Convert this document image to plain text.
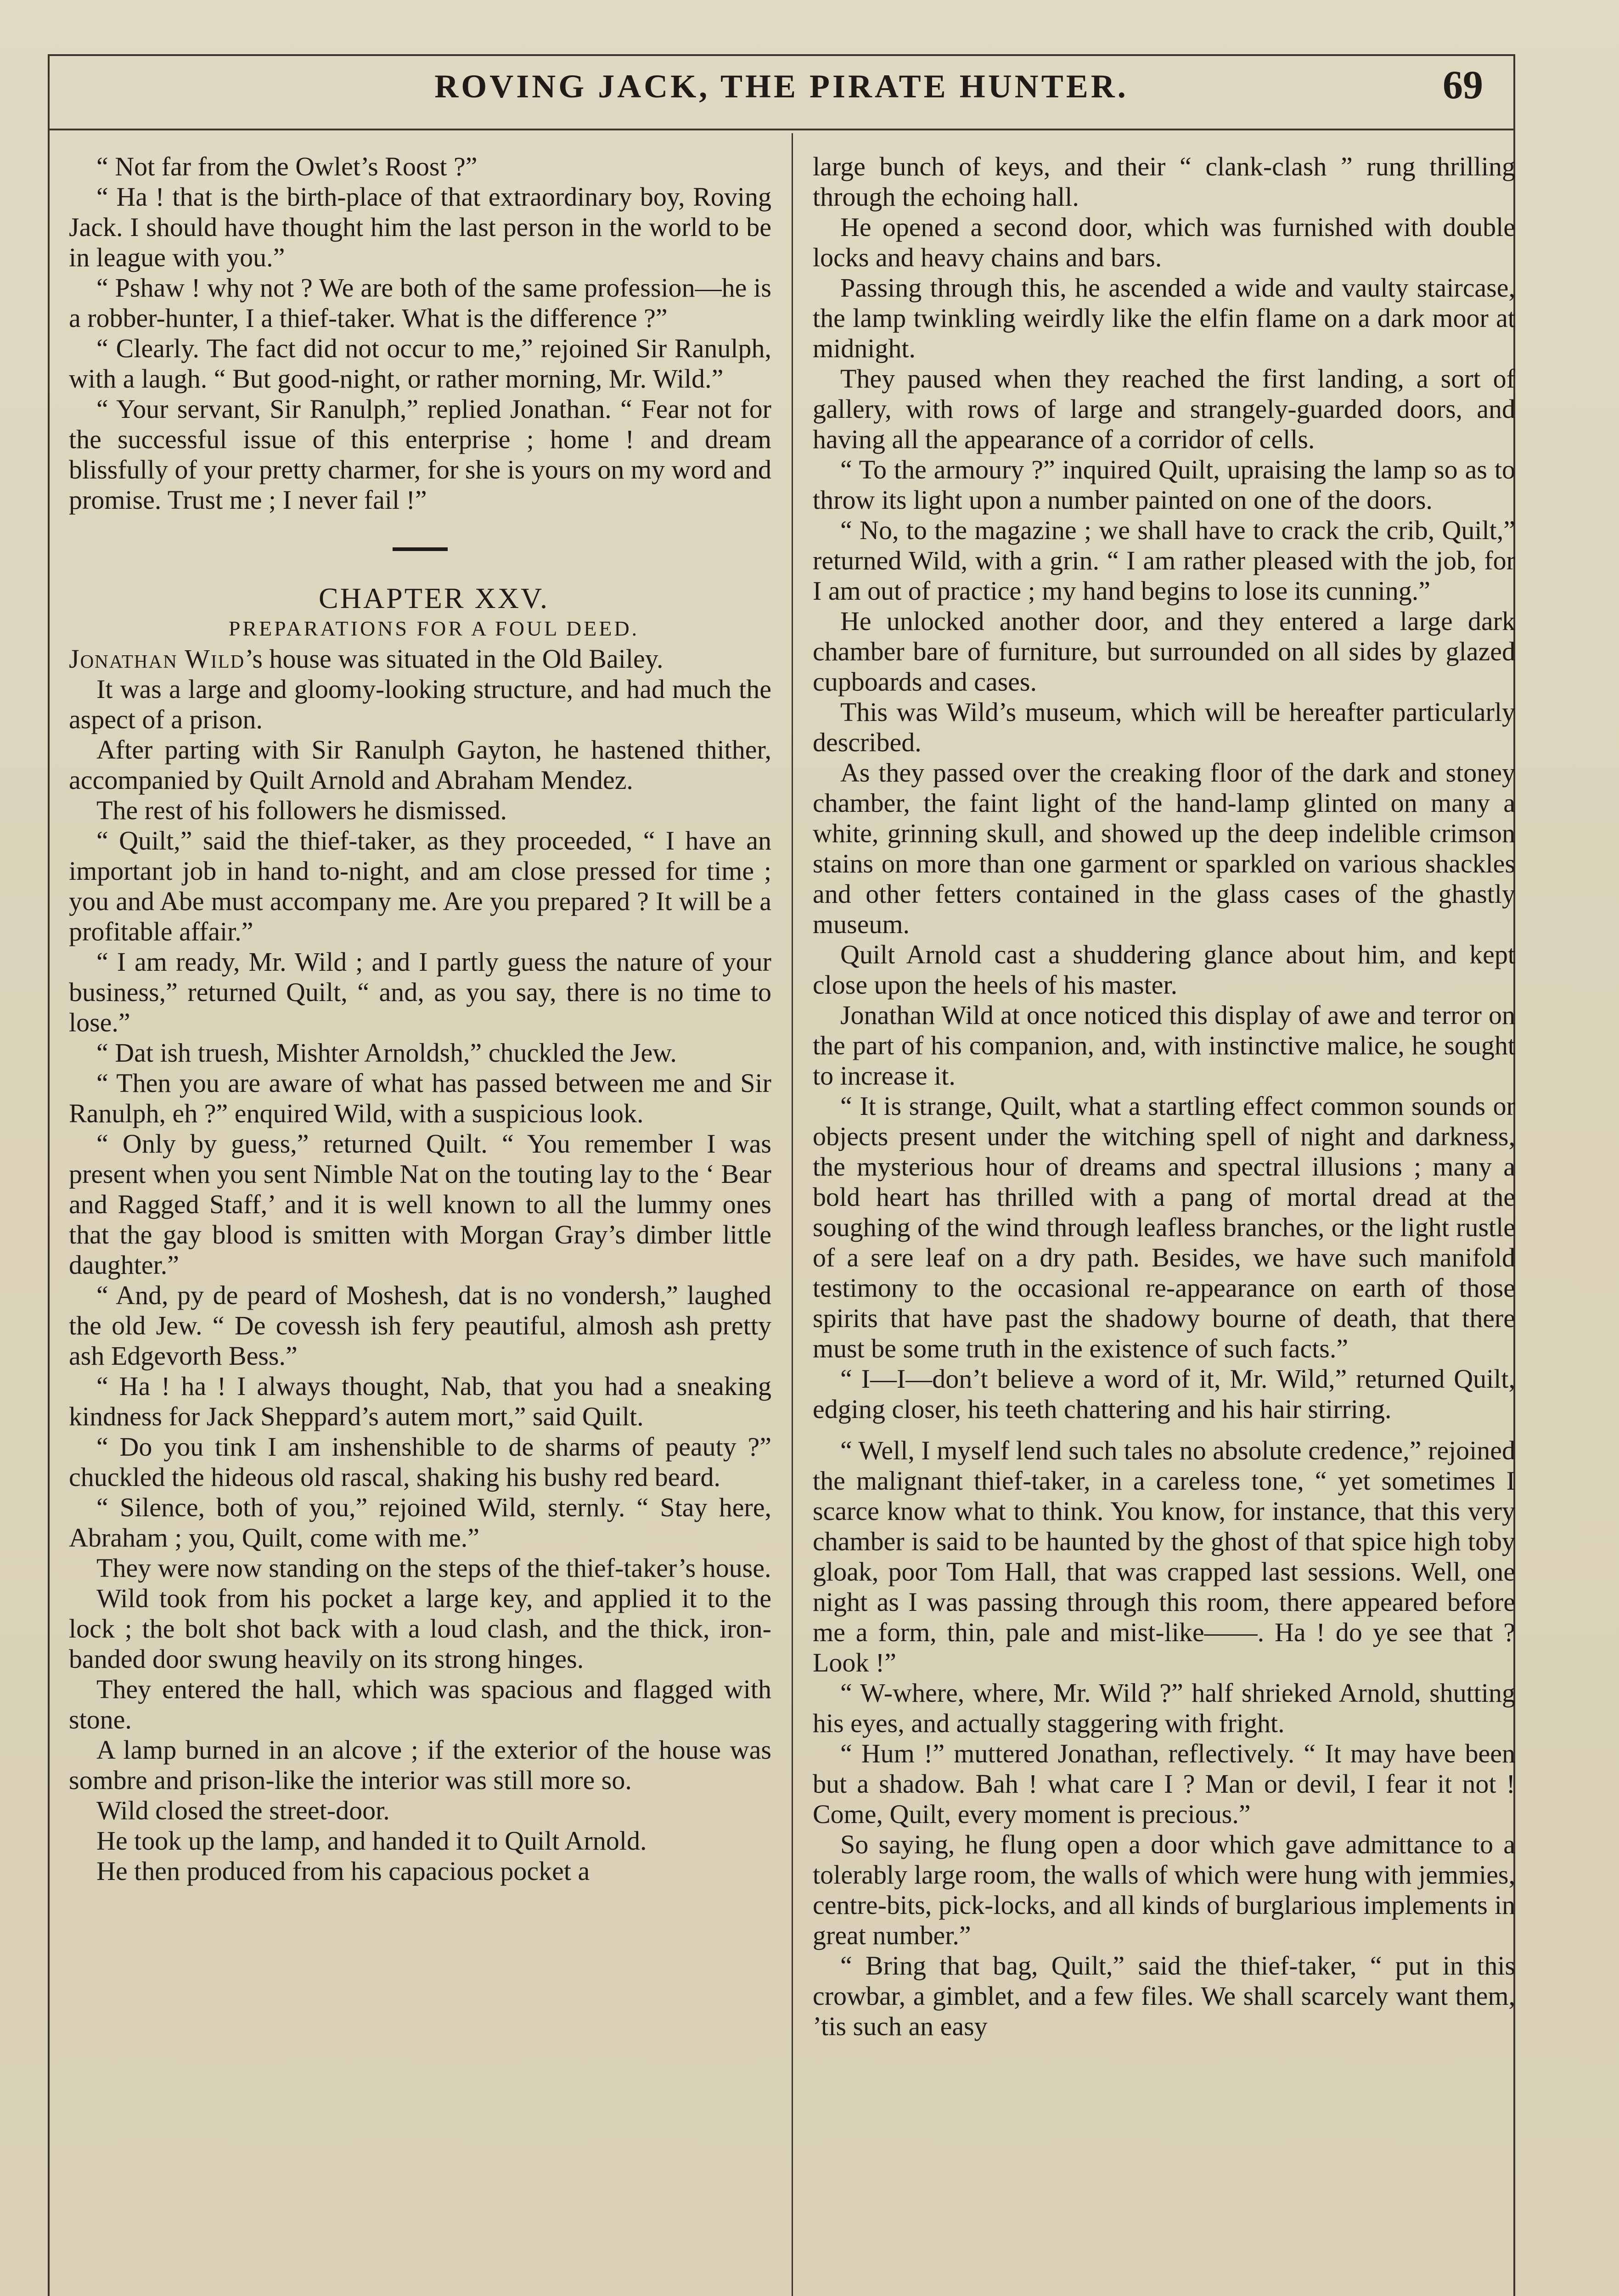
ROVING JACK, THE PIRATE HUNTER.	69

“ Not far from the Owlet’s Roost ?”

“ Ha ! that is the birth-place of that extraordinary boy, Roving Jack. I should have thought him the last person in the world to be in league with you.”

“ Pshaw ! why not ? We are both of the same profession—he is a robber-hunter, I a thief-taker. What is the difference ?”

“ Clearly. The fact did not occur to me,” rejoined Sir Ranulph, with a laugh. “ But good-night, or rather morning, Mr. Wild.”

“ Your servant, Sir Ranulph,” replied Jonathan. “ Fear not for the successful issue of this enterprise ; home ! and dream blissfully of your pretty charmer, for she is yours on my word and promise. Trust me ; I never fail !”

CHAPTER XXV.

PREPARATIONS FOR A FOUL DEED.

Jonathan Wild’s house was situated in the Old Bailey.

It was a large and gloomy-looking structure, and had much the aspect of a prison.

After parting with Sir Ranulph Gayton, he hastened thither, accompanied by Quilt Arnold and Abraham Mendez.

The rest of his followers he dismissed.

“ Quilt,” said the thief-taker, as they proceeded, “ I have an important job in hand to-night, and am close pressed for time ; you and Abe must accompany me. Are you prepared ? It will be a profitable affair.”

“ I am ready, Mr. Wild ; and I partly guess the nature of your business,” returned Quilt, “ and, as you say, there is no time to lose.”

“ Dat ish truesh, Mishter Arnoldsh,” chuckled the Jew.

“ Then you are aware of what has passed between me and Sir Ranulph, eh ?” enquired Wild, with a suspicious look.

“ Only by guess,” returned Quilt. “ You remember I was present when you sent Nimble Nat on the touting lay to the ‘ Bear and Ragged Staff,’ and it is well known to all the lummy ones that the gay blood is smitten with Morgan Gray’s dimber little daughter.”

“ And, py de peard of Moshesh, dat is no vondersh,” laughed the old Jew. “ De covessh ish fery peautiful, almosh ash pretty ash Edgevorth Bess.”

“ Ha ! ha ! I always thought, Nab, that you had a sneaking kindness for Jack Sheppard’s autem mort,” said Quilt.

“ Do you tink I am inshenshible to de sharms of peauty ?” chuckled the hideous old rascal, shaking his bushy red beard.

“ Silence, both of you,” rejoined Wild, sternly. “ Stay here, Abraham ; you, Quilt, come with me.”

They were now standing on the steps of the thief-taker’s house.

Wild took from his pocket a large key, and applied it to the lock ; the bolt shot back with a loud clash, and the thick, iron-banded door swung heavily on its strong hinges.

They entered the hall, which was spacious and flagged with stone.

A lamp burned in an alcove ; if the exterior of the house was sombre and prison-like the interior was still more so.

Wild closed the street-door.

He took up the lamp, and handed it to Quilt Arnold.

He then produced from his capacious pocket a

large bunch of keys, and their “ clank-clash ” rung thrilling through the echoing hall.

He opened a second door, which was furnished with double locks and heavy chains and bars.

Passing through this, he ascended a wide and vaulty staircase, the lamp twinkling weirdly like the elfin flame on a dark moor at midnight.

They paused when they reached the first landing, a sort of gallery, with rows of large and strangely-guarded doors, and having all the appearance of a corridor of cells.

“ To the armoury ?” inquired Quilt, upraising the lamp so as to throw its light upon a number painted on one of the doors.

“ No, to the magazine ; we shall have to crack the crib, Quilt,” returned Wild, with a grin. “ I am rather pleased with the job, for I am out of practice ; my hand begins to lose its cunning.”

He unlocked another door, and they entered a large dark chamber bare of furniture, but surrounded on all sides by glazed cupboards and cases.

This was Wild’s museum, which will be hereafter particularly described.

As they passed over the creaking floor of the dark and stoney chamber, the faint light of the hand-lamp glinted on many a white, grinning skull, and showed up the deep indelible crimson stains on more than one garment or sparkled on various shackles and other fetters contained in the glass cases of the ghastly museum.

Quilt Arnold cast a shuddering glance about him, and kept close upon the heels of his master.

Jonathan Wild at once noticed this display of awe and terror on the part of his companion, and, with instinctive malice, he sought to increase it.

“ It is strange, Quilt, what a startling effect common sounds or objects present under the witching spell of night and darkness, the mysterious hour of dreams and spectral illusions ; many a bold heart has thrilled with a pang of mortal dread at the soughing of the wind through leafless branches, or the light rustle of a sere leaf on a dry path. Besides, we have such manifold testimony to the occasional re-appearance on earth of those spirits that have past the shadowy bourne of death, that there must be some truth in the existence of such facts.”

“ I—I—don’t believe a word of it, Mr. Wild,” returned Quilt, edging closer, his teeth chattering and his hair stirring.

“ Well, I myself lend such tales no absolute credence,” rejoined the malignant thief-taker, in a careless tone, “ yet sometimes I scarce know what to think. You know, for instance, that this very chamber is said to be haunted by the ghost of that spice high toby gloak, poor Tom Hall, that was crapped last sessions. Well, one night as I was passing through this room, there appeared before me a form, thin, pale and mist-like——. Ha ! do ye see that ? Look !”

“ W-where, where, Mr. Wild ?” half shrieked Arnold, shutting his eyes, and actually staggering with fright.

“ Hum !” muttered Jonathan, reflectively. “ It may have been but a shadow. Bah ! what care I ? Man or devil, I fear it not ! Come, Quilt, every moment is precious.”

So saying, he flung open a door which gave admittance to a tolerably large room, the walls of which were hung with jemmies, centre-bits, pick-locks, and all kinds of burglarious implements in great number.”

“ Bring that bag, Quilt,” said the thief-taker, “ put in this crowbar, a gimblet, and a few files. We shall scarcely want them, ’tis such an easy
